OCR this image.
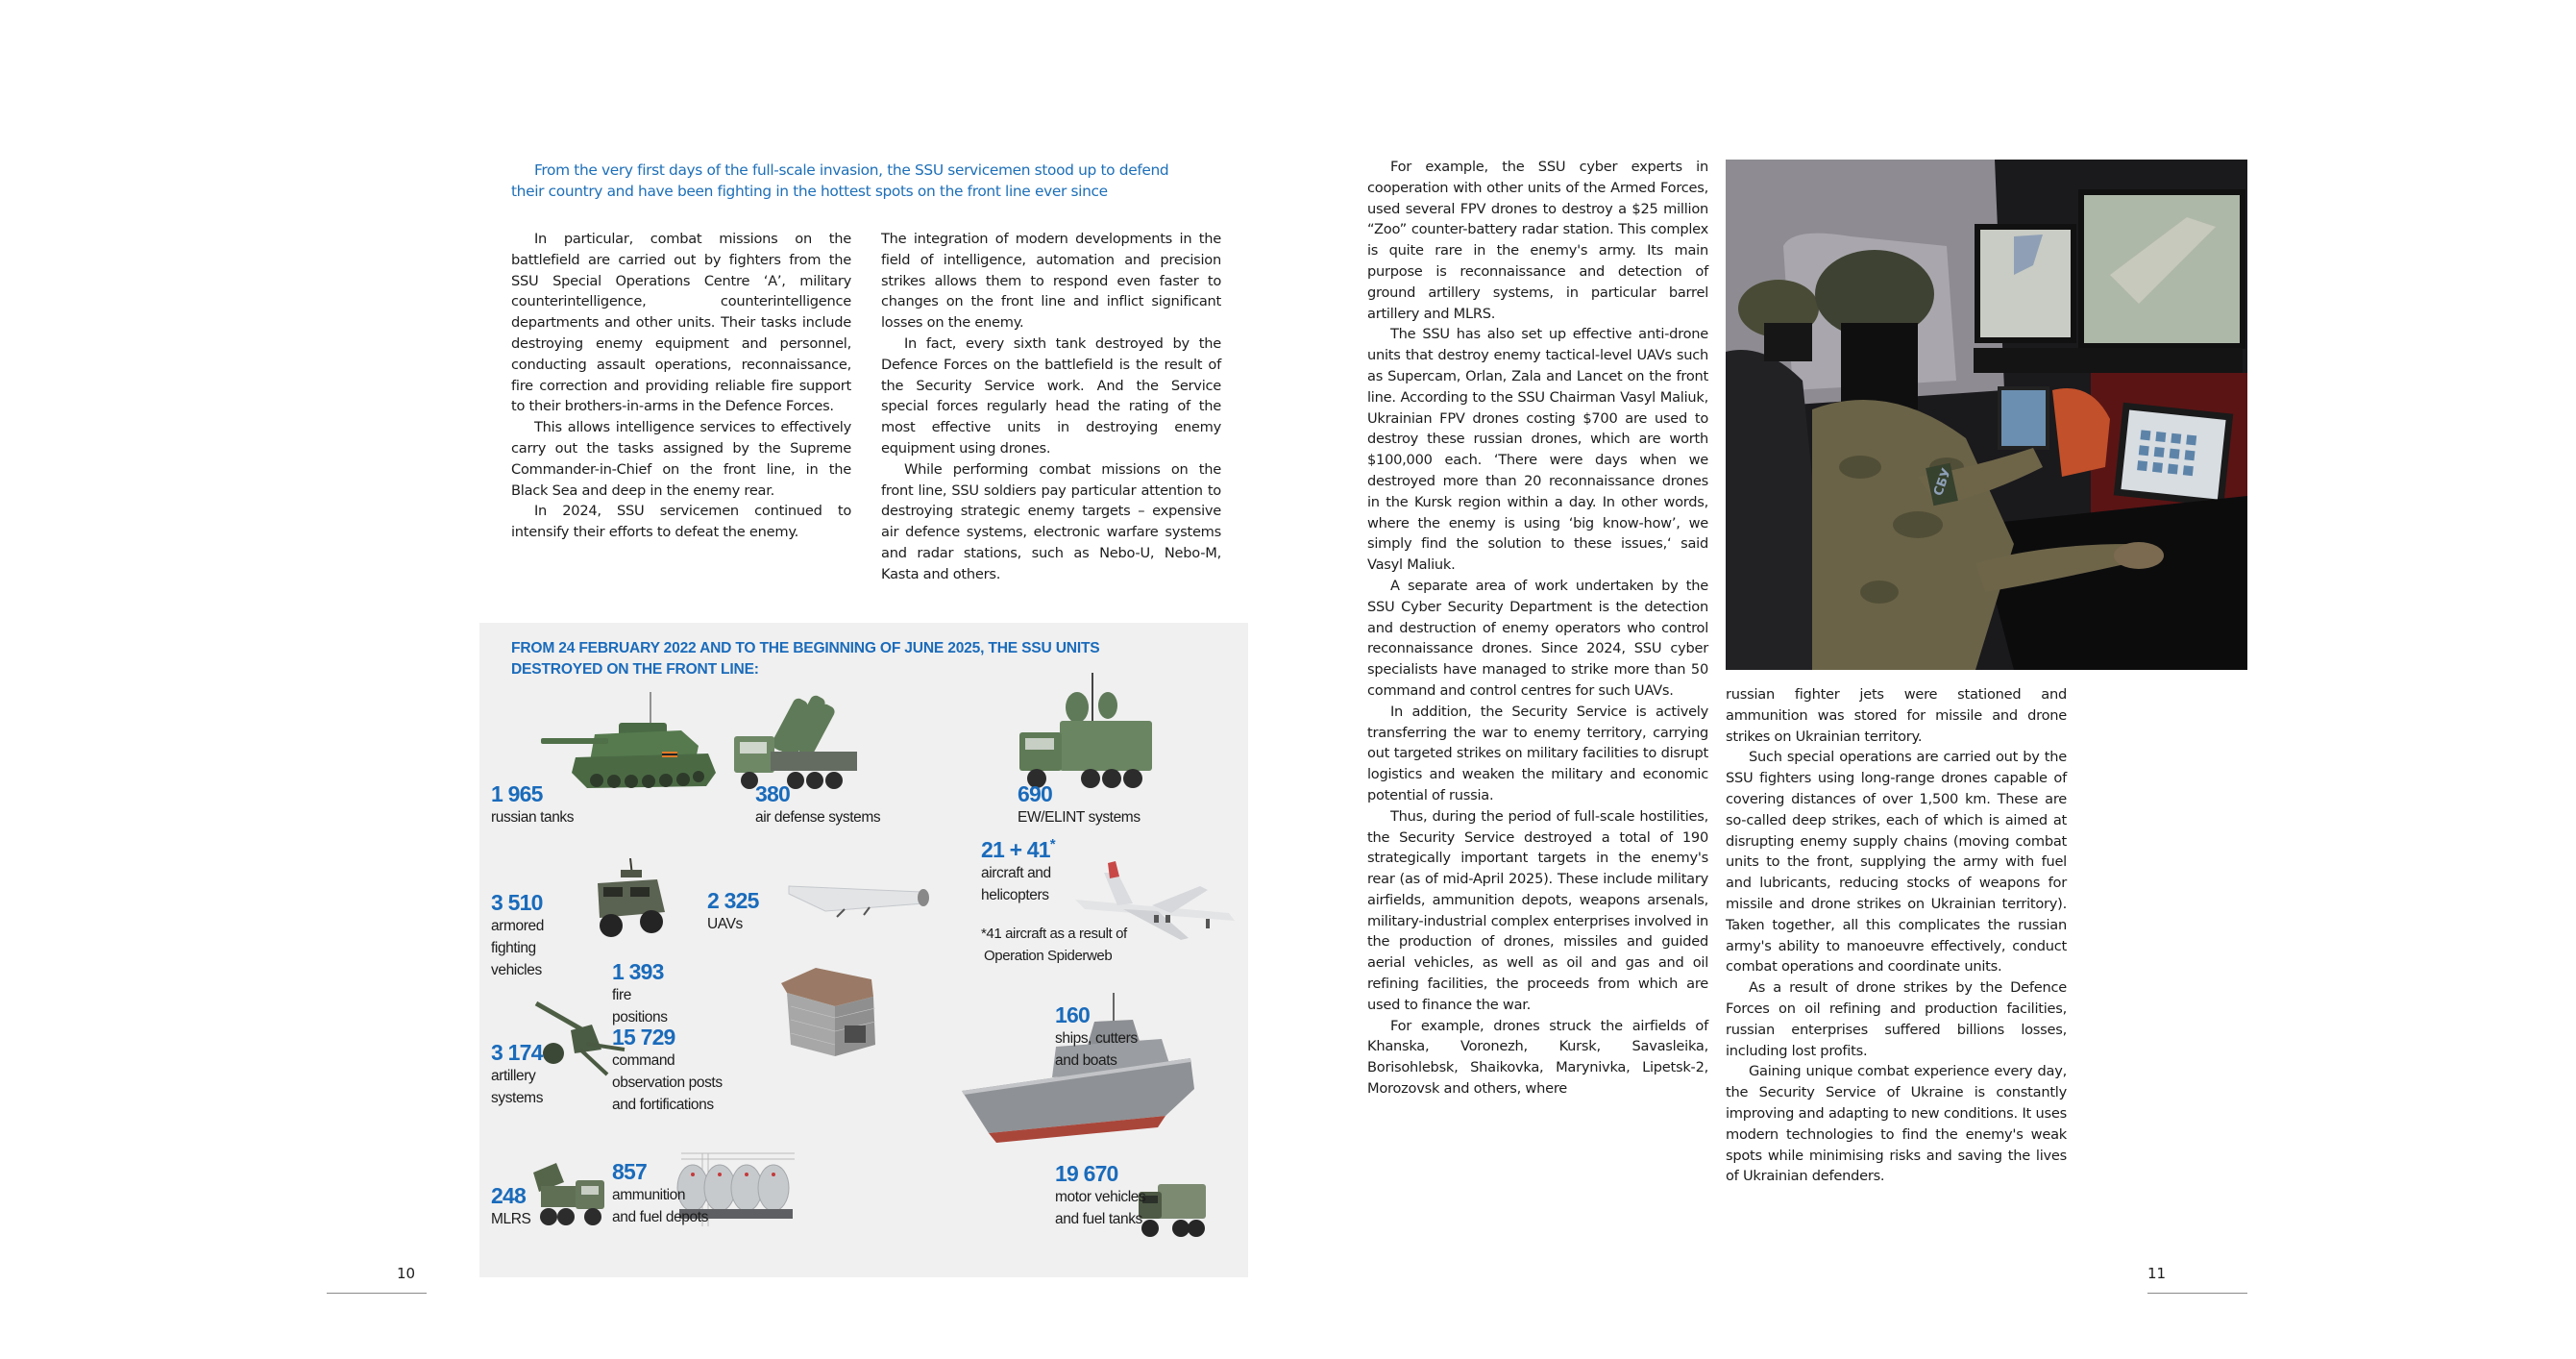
From the very first days of the full-scale invasion, the SSU servicemen stood up to defend
their country and have been fighting in the hottest spots on the front line ever since

In particular, combat missions on the battlefield are carried out by fighters from the SSU Special Operations Centre ‘A’, military counterintelligence, counterintelligence departments and other units. Their tasks include destroying enemy equipment and personnel, conducting assault operations, reconnaissance, fire correction and providing reliable fire support to their brothers-in-arms in the Defence Forces.

This allows intelligence services to effectively carry out the tasks assigned by the Supreme Commander-in-Chief on the front line, in the Black Sea and deep in the enemy rear.

In 2024, SSU servicemen continued to intensify their efforts to defeat the enemy.

The integration of modern developments in the field of intelligence, automation and precision strikes allows them to respond even faster to changes on the front line and inflict significant losses on the enemy.

In fact, every sixth tank destroyed by the Defence Forces on the battlefield is the result of the Security Service work. And the Service special forces regularly head the rating of the most effective units in destroying enemy equipment using drones.

While performing combat missions on the front line, SSU soldiers pay particular attention to destroying strategic enemy targets – expensive air defence systems, electronic warfare systems and radar stations, such as Nebo-U, Nebo-M, Kasta and others.

FROM 24 FEBRUARY 2022 AND TO THE BEGINNING OF JUNE 2025, THE SSU UNITS
DESTROYED ON THE FRONT LINE:
1 965
russian tanks
380
air defense systems
690
EW/ELINT systems
3 510
armored
fighting
vehicles
2 325
UAVs
21 + 41*
aircraft and
helicopters
*41 aircraft as a result of
Operation Spiderweb
1 393
fire
positions
15 729
command
observation posts
and fortifications
3 174
artillery
systems
160
ships, cutters
and boats
248
MLRS
857
ammunition
and fuel depots
19 670
motor vehicles
and fuel tanks
10

For example, the SSU cyber experts in cooperation with other units of the Armed Forces, used several FPV drones to destroy a $25 million “Zoo” counter-battery radar station. This complex is quite rare in the enemy's army. Its main purpose is reconnaissance and detection of ground artillery systems, in particular barrel artillery and MLRS.

The SSU has also set up effective anti-drone units that destroy enemy tactical-level UAVs such as Supercam, Orlan, Zala and Lancet on the front line. According to the SSU Chairman Vasyl Maliuk, Ukrainian FPV drones costing $700 are used to destroy these russian drones, which are worth $100,000 each. ‘There were days when we destroyed more than 20 reconnaissance drones in the Kursk region within a day. In other words, where the enemy is using ‘big know-how’, we simply find the solution to these issues,‘ said Vasyl Maliuk.

A separate area of work undertaken by the SSU Cyber Security Department is the detection and destruction of enemy operators who control reconnaissance drones. Since 2024, SSU cyber specialists have managed to strike more than 50 command and control centres for such UAVs.

In addition, the Security Service is actively transferring the war to enemy territory, carrying out targeted strikes on military facilities to disrupt logistics and weaken the military and economic potential of russia.

Thus, during the period of full-scale hostilities, the Security Service destroyed a total of 190 strategically important targets in the enemy's rear (as of mid-April 2025). These include military airfields, ammunition depots, weapons arsenals, military-industrial complex enterprises involved in the production of drones, missiles and guided aerial vehicles, as well as oil and gas and oil refining facilities, the proceeds from which are used to finance the war.

For example, drones struck the airfields of Khanska, Voronezh, Kursk, Savasleika, Borisohlebsk, Shaikovka, Marynivka, Lipetsk-2, Morozovsk and others, where

СБУ

russian fighter jets were stationed and ammunition was stored for missile and drone strikes on Ukrainian territory.

Such special operations are carried out by the SSU fighters using long-range drones capable of covering distances of over 1,500 km. These are so-called deep strikes, each of which is aimed at disrupting enemy supply chains (moving combat units to the front, supplying the army with fuel and lubricants, reducing stocks of weapons for missile and drone strikes on Ukrainian territory). Taken together, all this complicates the russian army's ability to manoeuvre effectively, conduct combat operations and coordinate units.

As a result of drone strikes by the Defence Forces on oil refining and production facilities, russian enterprises suffered billions losses, including lost profits.

Gaining unique combat experience every day, the Security Service of Ukraine is constantly improving and adapting to new conditions. It uses modern technologies to find the enemy's weak spots while minimising risks and saving the lives of Ukrainian defenders.

11
